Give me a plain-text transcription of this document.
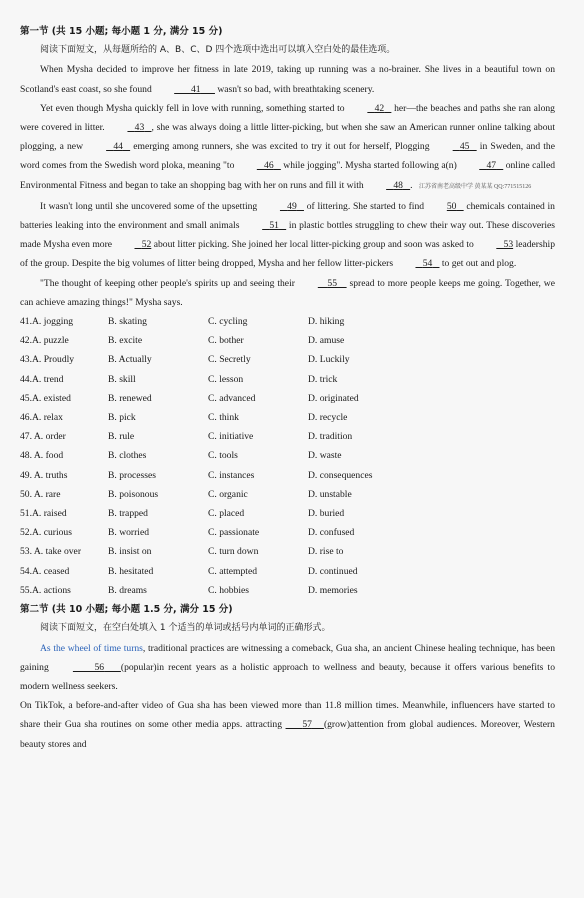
第一节 (共 15 小题; 每小题 1 分, 满分 15 分)
阅读下面短文，从每题所给的 A、B、C、D 四个选项中选出可以填入空白处的最佳选项。
When Mysha decided to improve her fitness in late 2019, taking up running was a no-brainer. She lives in a beautiful town on Scotland's east coast, so she found	41 wasn't so bad, with breathtaking scenery.
Yet even though Mysha quickly fell in love with running, something started to	42 her—the beaches and paths she ran along were covered in litter.	43 , she was always doing a little litter-picking, but when she saw an American runner online talking about plogging, a new	44 emerging among runners, she was excited to try it out for herself, Plogging	45 in Sweden, and the word comes from the Swedish word ploka, meaning "to	46 while jogging". Mysha started following a(n)	47 online called Environmental Fitness and began to take an shopping bag with her on runs and fill it with	48 . 江苏省南老高级中学 黄某某 QQ:771515126
It wasn't long until she uncovered some of the upsetting	49 of littering. She started to find 50 chemicals contained in batteries leaking into the environment and small animals	51 in plastic bottles struggling to chew their way out. These discoveries made Mysha even more	52 about litter picking. She joined her local litter-picking group and soon was asked to	53 leadership of the group. Despite the big volumes of litter being dropped, Mysha and her fellow litter-pickers	54 to get out and plog.
"The thought of keeping other people's spirits up and seeing their	55 spread to more people keeps me going. Together, we can achieve amazing things!" Mysha says.
41.A. jogging	B. skating	C. cycling	D. hiking
42.A. puzzle	B. excite	C. bother	D. amuse
43.A. Proudly	B. Actually	C. Secretly	D. Luckily
44.A. trend	B. skill	C. lesson	D. trick
45.A. existed	B. renewed	C. advanced	D. originated
46.A. relax	B. pick	C. think	D. recycle
47. A. order	B. rule	C. initiative	D. tradition
48. A. food	B. clothes	C. tools	D. waste
49. A. truths	B. processes	C. instances	D. consequences
50. A. rare	B. poisonous	C. organic	D. unstable
51.A. raised	B. trapped	C. placed	D. buried
52.A. curious	B. worried	C. passionate	D. confused
53. A. take over	B. insist on	C. turn down	D. rise to
54.A. ceased	B. hesitated	C. attempted	D. continued
55.A. actions	B. dreams	C. hobbies	D. memories
第二节 (共 10 小题; 每小题 1.5 分, 满分 15 分)
阅读下面短文，在空白处填入 1 个适当的单词或括号内单词的正确形式。
As the wheel of time turns, traditional practices are witnessing a comeback, Gua sha, an ancient Chinese healing technique, has been gaining	56 (popular)in recent years as a holistic approach to wellness and beauty, because it offers various benefits to modern wellness seekers.
On TikTok, a before-and-after video of Gua sha has been viewed more than 11.8 million times. Meanwhile, influencers have started to share their Gua sha routines on some other media apps. attracting 57 (grow)attention from global audiences. Moreover, Western beauty stores and
